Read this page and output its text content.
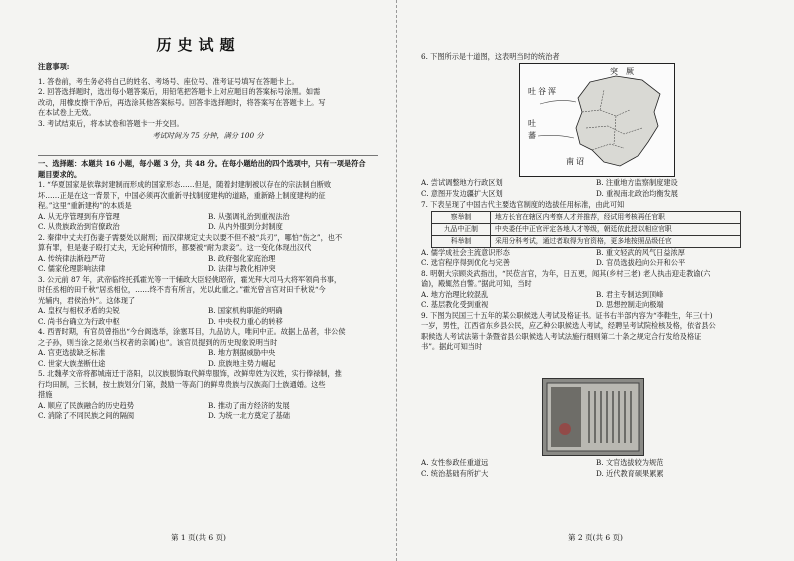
历史试题
注意事项:
1. 答卷前，考生务必将自己的姓名、考场号、座位号、准考证号填写在答题卡上。
2. 回答选择题时，选出每小题答案后，用铅笔把答题卡上对应题目的答案标号涂黑。如需
改动，用橡皮擦干净后，再选涂其他答案标号。回答非选择题时，将答案写在答题卡上。写
在本试卷上无效。
3. 考试结束后，将本试卷和答题卡一并交回。
考试时间为 75 分钟，满分 100 分
一、选择题：本题共 16 小题，每小题 3 分，共 48 分。在每小题给出的四个选项中，只有一项是符合
题目要求的。
1. “华夏国家是依靠封建制而形成的国家形态……但是，随着封建制被以存在的宗法制自断败
坏……正是在这一背景下，中国必须再次重新寻找制度建构的道路，重新路上制度建构的征
程。”这里“重新建构”的本质是
A. 从无序管理到有序管理	B. 从强调礼治到重视法治
C. 从贵族政治到官僚政治	D. 从内外服到分封制度
2. 秦律中丈夫打伤妻子需要处以耐刑；而汉律规定丈夫以要不但不被“兵刃”，哪怕“伤之”，也不
算有罪，但是妻子殴打丈夫，无论何种情形，都要被“耐为隶妾”。这一变化体现出汉代
A. 传统律法渐趋严苛	B. 政府强化家庭治理
C. 儒家伦理影响法律	D. 法律与教化相冲突
3. 公元前 87 年，武帝临终托孤霍光等一干辅政大臣轻佻昭帝，霍光拜大司马大将军领尚书事，
时任丞相的田千秋“居丞相位，……终不肯有所言，光以此重之。”霍光曾言官对田千秋说“今
光辅内，君侯治外”。这体现了
A. 皇权与相权矛盾的尖锐	B. 国家机构职能的明确
C. 尚书台确立为行政中枢	D. 中央权力重心的转移
4. 西晋时期，有官员曾指出“今台阁选举，涂塞耳目，九品访人，唯问中正。故据上品者，非公侯
之子孙，则当涂之昆弟(当权者的亲属)也”。该官员提到的历史现象说明当时
A. 官吏选拔缺乏标准	B. 地方割据威胁中央
C. 世家大族垄断仕途	D. 庶族地主势力崛起
5. 北魏孝文帝将都城南迁于洛阳，以汉族服饰取代鲜卑服饰，改鲜卑姓为汉姓，实行俸禄制，推
行均田制，三长制，按士族划分门第，鼓励一等高门的鲜卑贵族与汉族高门士族通婚。这些
措施
A. 顺应了民族融合的历史趋势	B. 推动了南方经济的发展
C. 消除了不同民族之间的隔阂	D. 为统一北方奠定了基础
第 1 页(共 6 页)
6. 下图所示是十道图，这表明当时的统治者
突 厥
吐 谷 浑
吐
蕃
南 诏
A. 尝试调整地方行政区划	B. 注重地方监察制度建设
C. 意图开发边疆扩大区划	D. 重视南北政治均衡发展
7. 下表呈现了中国古代主要选官制度的选拔任用标准，由此可知
察举制	地方长官在辖区内考察人才并推荐，经试用考核再任官职
九品中正制	中央委任中正官评定各地人才等级，朝廷依此授以相应官职
科举制	采用分科考试，通过者取得为官资格，更多地按照品级任官
A. 儒学成社会主流意识形态	B. 重文轻武的风气日益浓厚
C. 选官程序得到优化与完善	D. 官员选拔趋向公开和公平
8. 明朝大宗顾炎武指出，“民莅言官，为年，日五更，闻其(乡村三老) 老人执击迎走教谕(六
谕)，殿辄然自警。”据此可知，当时
A. 地方治理比较混乱	B. 君主专制达到顶峰
C. 基层教化受到重视	D. 思想控制走向极端
9. 下图为民国三十五年的某公职候选人考试及格证书。证书右半部内容为“李鞋生，年三(十)
一岁，男性，江西省东乡县公民，应乙种公职候选人考试，经聘呈考试院检核及格，依省县公
职候选人考试法第十条暨省县公职候选人考试法施行细则第二十条之规定合行发给及格证
书”。据此可知当时
A. 女性参政任重道远	B. 文官选拔较为规范
C. 统治基础有所扩大	D. 近代教育硕果累累
第 2 页(共 6 页)
